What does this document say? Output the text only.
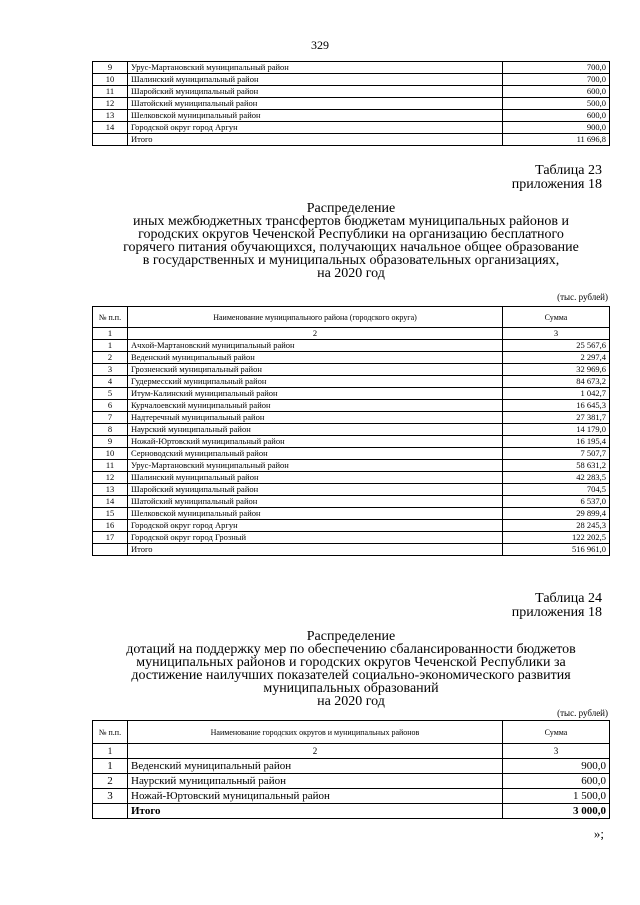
329
9	Урус-Мартановский муниципальный район	700,0
10	Шалинский муниципальный район	700,0
11	Шаройский муниципальный район	600,0
12	Шатойский муниципальный район	500,0
13	Шелковской муниципальный район	600,0
14	Городской округ город Аргун	900,0
	Итого	11 696,8
Таблица 23
приложения 18
Распределение
иных межбюджетных трансфертов бюджетам муниципальных районов и
городских округов Чеченской Республики на организацию бесплатного
горячего питания обучающихся, получающих начальное общее образование
в государственных и муниципальных образовательных организациях,
на 2020 год
(тыс. рублей)
№ п.п.	Наименование муниципального района (городского округа)	Сумма
1	2	3
1	Ачхой-Мартановский муниципальный район	25 567,6
2	Веденский муниципальный район	2 297,4
3	Грозненский муниципальный район	32 969,6
4	Гудермесский муниципальный район	84 673,2
5	Итум-Калинский муниципальный район	1 042,7
6	Курчалоевский муниципальный район	16 645,3
7	Надтеречный муниципальный район	27 381,7
8	Наурский муниципальный район	14 179,0
9	Ножай-Юртовский муниципальный район	16 195,4
10	Серноводский муниципальный район	7 507,7
11	Урус-Мартановский муниципальный район	58 631,2
12	Шалинский муниципальный район	42 283,5
13	Шаройский муниципальный район	704,5
14	Шатойский муниципальный район	6 537,0
15	Шелковской муниципальный район	29 899,4
16	Городской округ город Аргун	28 245,3
17	Городской округ город Грозный	122 202,5
	Итого	516 961,0
Таблица 24
приложения 18
Распределение
дотаций на поддержку мер по обеспечению сбалансированности бюджетов
муниципальных районов и городских округов Чеченской Республики за
достижение наилучших показателей социально-экономического развития
муниципальных образований
на 2020 год
(тыс. рублей)
№ п.п.	Наименование городских округов и муниципальных районов	Сумма
1	2	3
1	Веденский муниципальный район	900,0
2	Наурский муниципальный район	600,0
3	Ножай-Юртовский муниципальный район	1 500,0
	Итого	3 000,0
»;
